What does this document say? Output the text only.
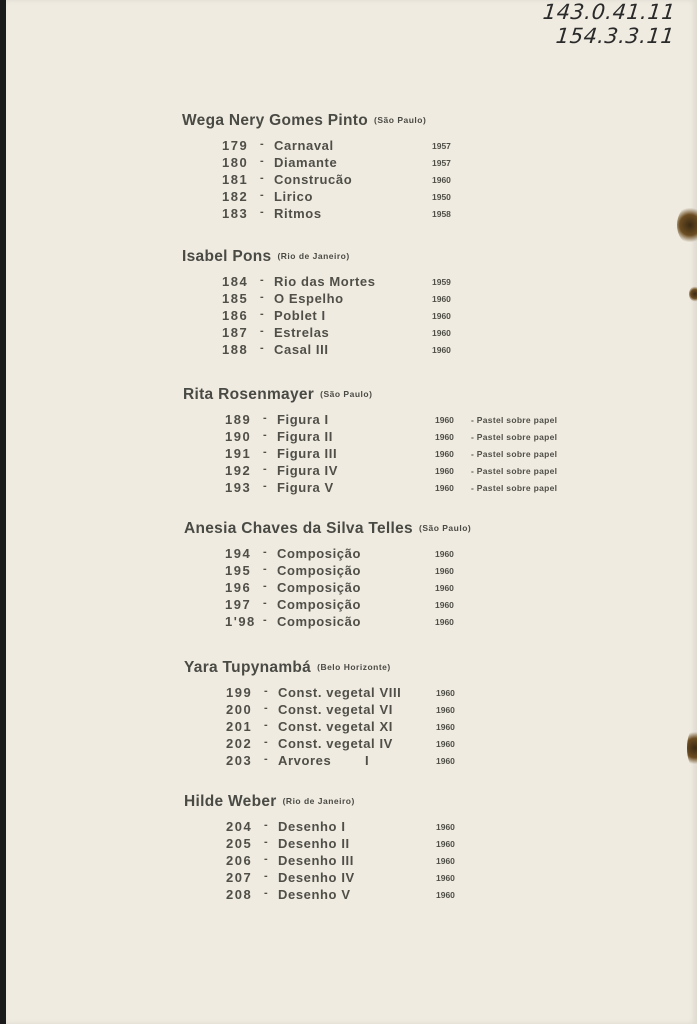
143.0.41.11
154.3.3.11
Wega Nery Gomes Pinto (São Paulo)
179 - Carnaval	1957
180 - Diamante	1957
181 - Construcão	1960
182 - Lirico	1950
183 - Ritmos	1958
Isabel Pons (Rio de Janeiro)
184 - Rio das Mortes	1959
185 - O Espelho	1960
186 - Poblet I	1960
187 - Estrelas	1960
188 - Casal III	1960
Rita Rosenmayer (São Paulo)
189 - Figura I	1960 - Pastel sobre papel
190 - Figura II	1960 - Pastel sobre papel
191 - Figura III	1960 - Pastel sobre papel
192 - Figura IV	1960 - Pastel sobre papel
193 - Figura V	1960 - Pastel sobre papel
Anesia Chaves da Silva Telles (São Paulo)
194 - Composição	1960
195 - Composição	1960
196 - Composição	1960
197 - Composição	1960
1'98 - Composicão	1960
Yara Tupynambá (Belo Horizonte)
199 - Const. vegetal VIII	1960
200 - Const. vegetal VI	1960
201 - Const. vegetal XI	1960
202 - Const. vegetal IV	1960
203 - Arvores        I	1960
Hilde Weber (Rio de Janeiro)
204 - Desenho I	1960
205 - Desenho II	1960
206 - Desenho III	1960
207 - Desenho IV	1960
208 - Desenho V	1960
